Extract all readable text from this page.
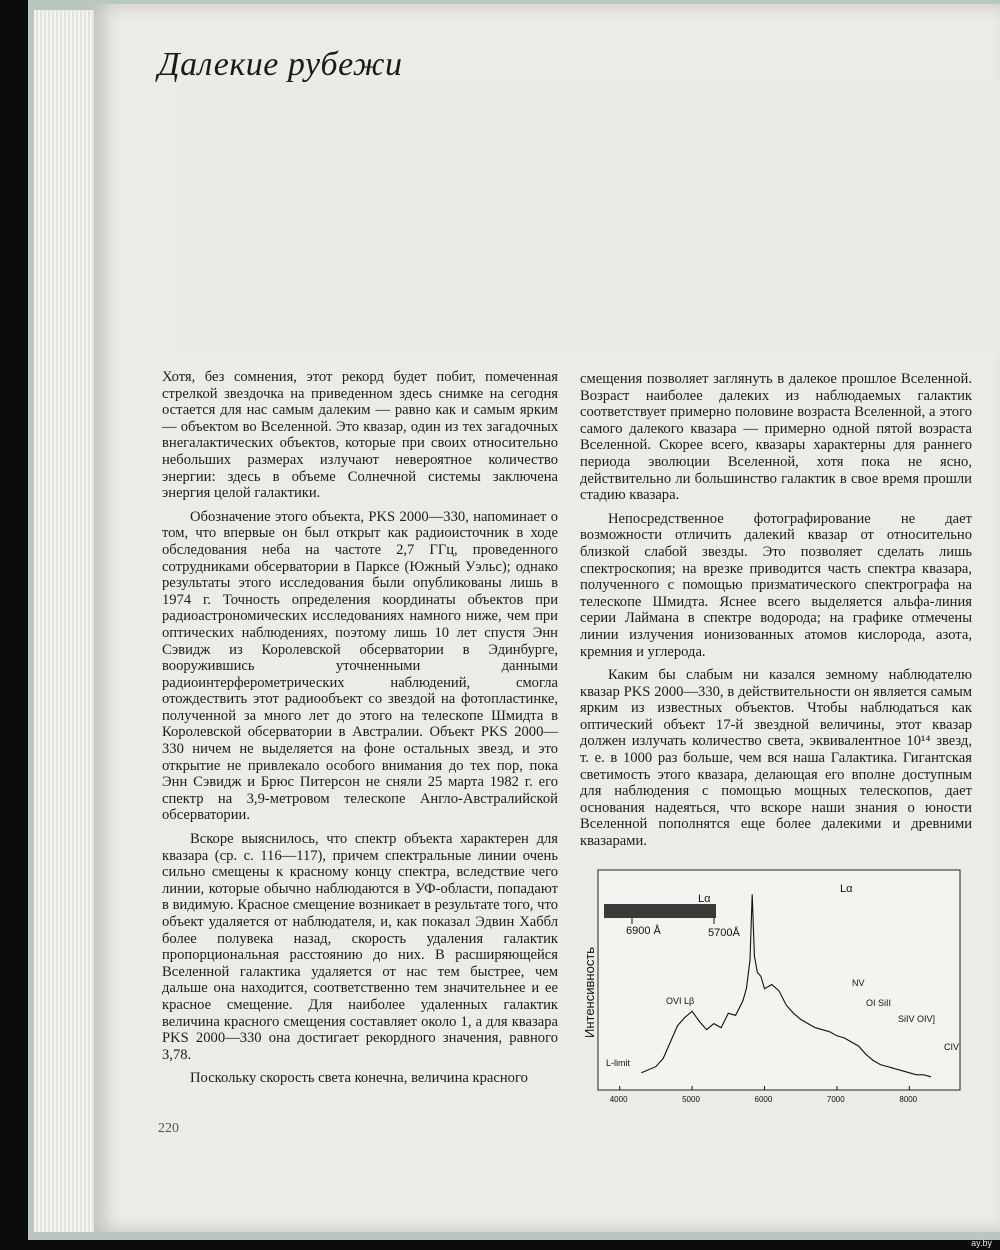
Далекие рубежи

Хотя, без сомнения, этот рекорд будет побит, помеченная стрелкой звездочка на приведенном здесь снимке на сегодня остается для нас самым далеким — равно как и самым ярким — объектом во Вселенной. Это квазар, один из тех загадочных внегалактических объектов, которые при своих относительно небольших размерах излучают невероятное количество энергии: здесь в объеме Солнечной системы заключена энергия целой галактики.

Обозначение этого объекта, PKS 2000—330, напоминает о том, что впервые он был открыт как радиоисточник в ходе обследования неба на частоте 2,7 ГГц, проведенного сотрудниками обсерватории в Парксе (Южный Уэльс); однако результаты этого исследования были опубликованы лишь в 1974 г. Точность определения координаты объектов при радиоастрономических исследованиях намного ниже, чем при оптических наблюдениях, поэтому лишь 10 лет спустя Энн Сэвидж из Королевской обсерватории в Эдинбурге, вооружившись уточненными данными радиоинтерферометрических наблюдений, смогла отождествить этот радиообъект со звездой на фотопластинке, полученной за много лет до этого на телескопе Шмидта в Королевской обсерватории в Австралии. Объект PKS 2000—330 ничем не выделяется на фоне остальных звезд, и это открытие не привлекало особого внимания до тех пор, пока Энн Сэвидж и Брюс Питерсон не сняли 25 марта 1982 г. его спектр на 3,9-метровом телескопе Англо-Австралийской обсерватории.

Вскоре выяснилось, что спектр объекта характерен для квазара (ср. с. 116—117), причем спектральные линии очень сильно смещены к красному концу спектра, вследствие чего линии, которые обычно наблюдаются в УФ-области, попадают в видимую. Красное смещение возникает в результате того, что объект удаляется от наблюдателя, и, как показал Эдвин Хаббл более полувека назад, скорость удаления галактик пропорциональная расстоянию до них. В расширяющейся Вселенной галактика удаляется от нас тем быстрее, чем дальше она находится, соответственно тем значительнее и ее красное смещение. Для наиболее удаленных галактик величина красного смещения составляет около 1, а для квазара PKS 2000—330 она достигает рекордного значения, равного 3,78.

Поскольку скорость света конечна, величина красного

смещения позволяет заглянуть в далекое прошлое Вселенной. Возраст наиболее далеких из наблюдаемых галактик соответствует примерно половине возраста Вселенной, а этого самого далекого квазара — примерно одной пятой возраста Вселенной. Скорее всего, квазары характерны для раннего периода эволюции Вселенной, хотя пока не ясно, действительно ли большинство галактик в свое время прошли стадию квазара.

Непосредственное фотографирование не дает возможности отличить далекий квазар от относительно близкой слабой звезды. Это позволяет сделать лишь спектроскопия; на врезке приводится часть спектра квазара, полученного с помощью призматического спектрографа на телескопе Шмидта. Яснее всего выделяется альфа-линия серии Лаймана в спектре водорода; на графике отмечены линии излучения ионизованных атомов кислорода, азота, кремния и углерода.

Каким бы слабым ни казался земному наблюдателю квазар PKS 2000—330, в действительности он является самым ярким из известных объектов. Чтобы наблюдаться как оптический объект 17-й звездной величины, этот квазар должен излучать количество света, эквивалентное 10¹⁴ звезд, т. е. в 1000 раз больше, чем вся наша Галактика. Гигантская светимость этого квазара, делающая его вполне доступным для наблюдения с помощью мощных телескопов, дает основания надеяться, что вскоре наши знания о юности Вселенной пополнятся еще более далекими и древними квазарами.

220
Интенсивность
4000	5000	6000	7000	8000
6900 Å	5700Å
Lα
Lα
NV
OI SiII
SiIV OIV]
CIV
OVI Lβ
L-limit
ay.by
